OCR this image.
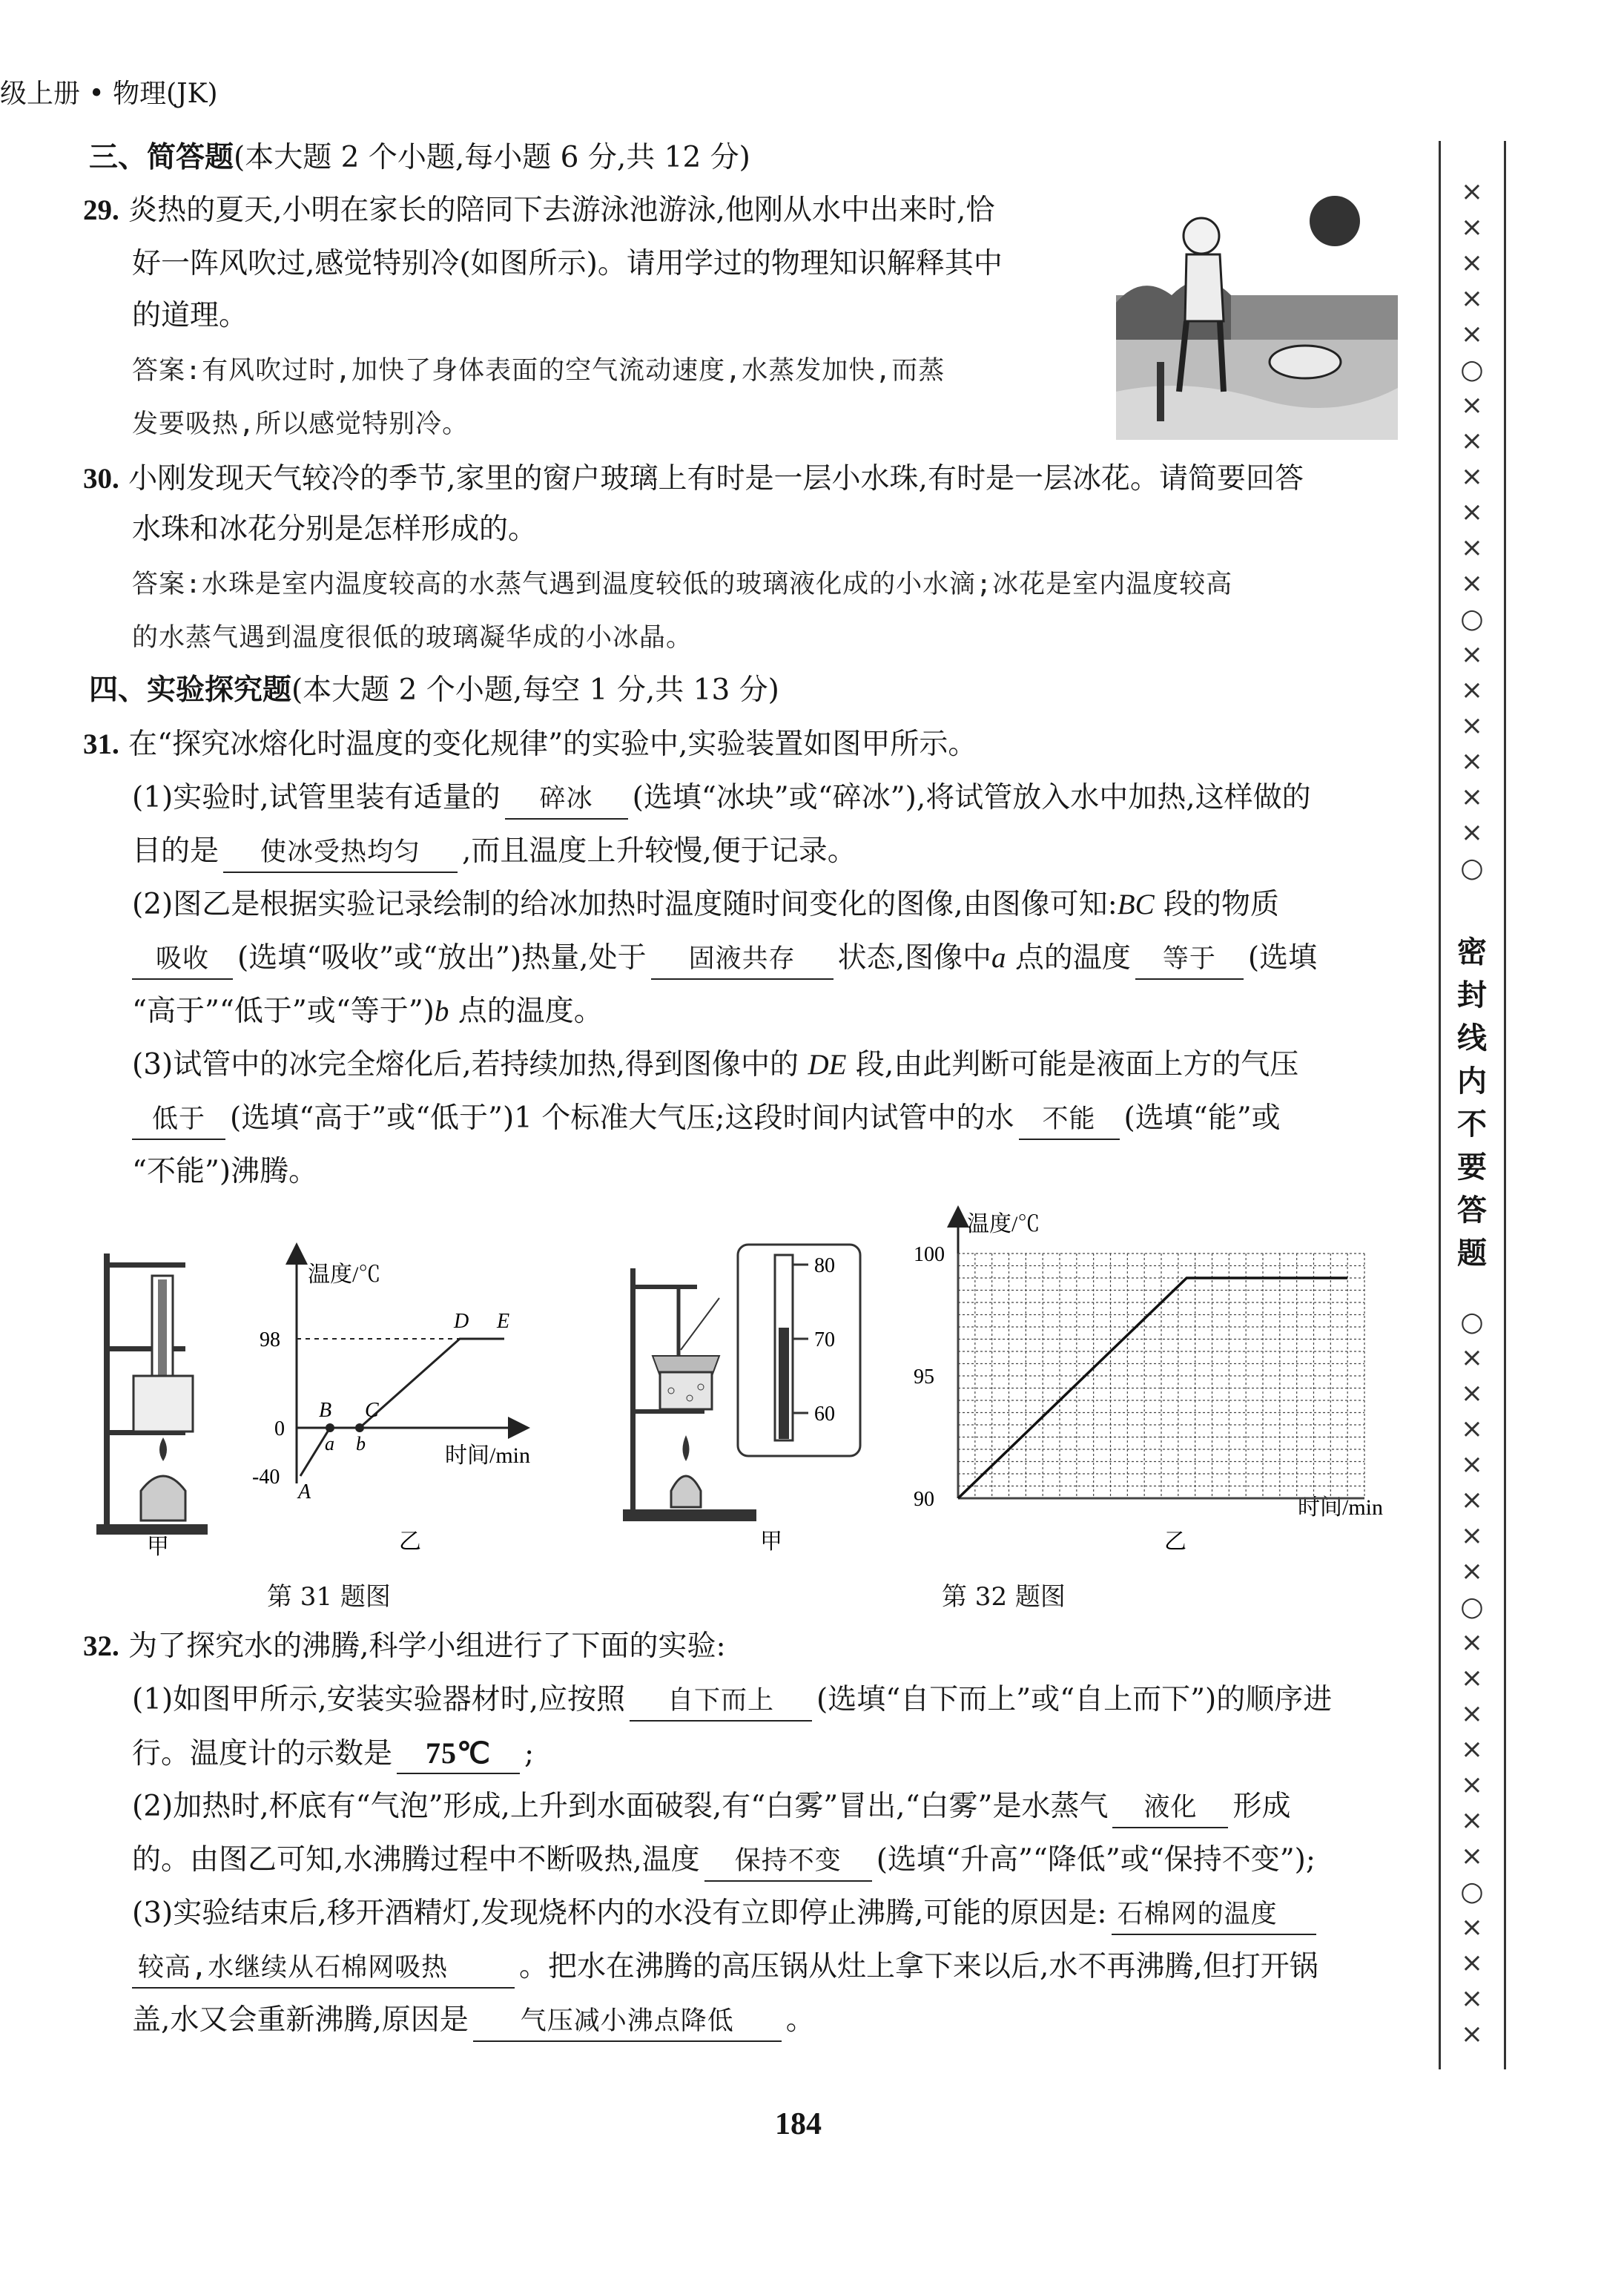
级上册 • 物理(JK)
×
×
×
×
×
○
×
×
×
×
×
×
○
×
×
×
×
×
×
○
密
封
线
内
不
要
答
题
○
×
×
×
×
×
×
×
○
×
×
×
×
×
×
×
○
×
×
×
×
三、简答题(本大题 2 个小题,每小题 6 分,共 12 分)
29. 炎热的夏天,小明在家长的陪同下去游泳池游泳,他刚从水中出来时,恰
好一阵风吹过,感觉特别冷(如图所示)。请用学过的物理知识解释其中
的道理。
答案:有风吹过时,加快了身体表面的空气流动速度,水蒸发加快,而蒸
发要吸热,所以感觉特别冷。
30. 小刚发现天气较冷的季节,家里的窗户玻璃上有时是一层小水珠,有时是一层冰花。请简要回答
水珠和冰花分别是怎样形成的。
答案:水珠是室内温度较高的水蒸气遇到温度较低的玻璃液化成的小水滴;冰花是室内温度较高
的水蒸气遇到温度很低的玻璃凝华成的小冰晶。
四、实验探究题(本大题 2 个小题,每空 1 分,共 13 分)
31. 在“探究冰熔化时温度的变化规律”的实验中,实验装置如图甲所示。
(1)实验时,试管里装有适量的 碎冰 (选填“冰块”或“碎冰”),将试管放入水中加热,这样做的
目的是 使冰受热均匀 ,而且温度上升较慢,便于记录。
(2)图乙是根据实验记录绘制的给冰加热时温度随时间变化的图像,由图像可知:BC 段的物质
吸收 (选填“吸收”或“放出”)热量,处于 固液共存 状态,图像中a 点的温度 等于 (选填
“高于”“低于”或“等于”)b 点的温度。
(3)试管中的冰完全熔化后,若持续加热,得到图像中的 DE 段,由此判断可能是液面上方的气压
低于 (选填“高于”或“低于”)1 个标准大气压;这段时间内试管中的水 不能 (选填“能”或
“不能”)沸腾。
甲
温度/℃
时间/min
98
0
-40
A
B C
D E
a b
乙
第 31 题图
80
70
60
甲
温度/℃
时间/min
乙
90
95
100
第 32 题图
32. 为了探究水的沸腾,科学小组进行了下面的实验:
(1)如图甲所示,安装实验器材时,应按照 自下而上 (选填“自下而上”或“自上而下”)的顺序进
行。温度计的示数是 75℃ ;
(2)加热时,杯底有“气泡”形成,上升到水面破裂,有“白雾”冒出,“白雾”是水蒸气 液化 形成
的。由图乙可知,水沸腾过程中不断吸热,温度 保持不变 (选填“升高”“降低”或“保持不变”);
(3)实验结束后,移开酒精灯,发现烧杯内的水没有立即停止沸腾,可能的原因是: 石棉网的温度
较高,水继续从石棉网吸热 。把水在沸腾的高压锅从灶上拿下来以后,水不再沸腾,但打开锅
盖,水又会重新沸腾,原因是 气压减小沸点降低 。
184
